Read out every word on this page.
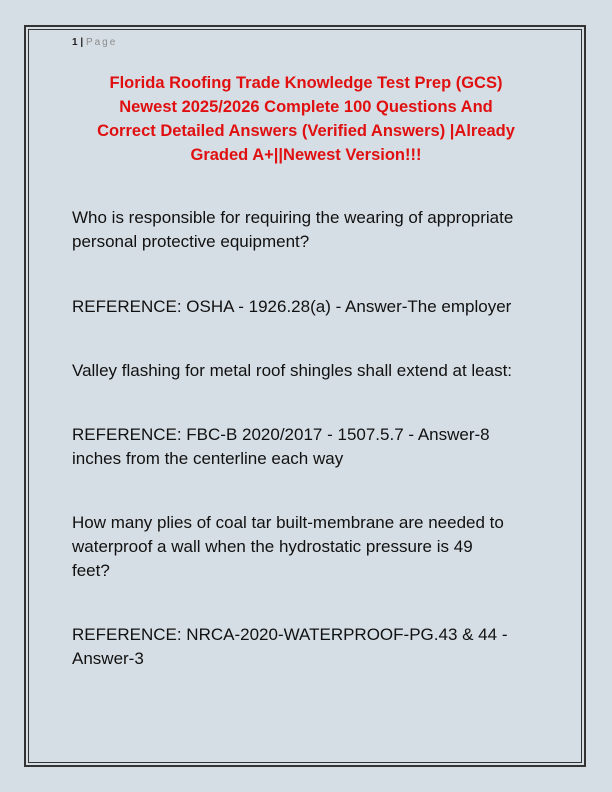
1 | Page
Florida Roofing Trade Knowledge Test Prep (GCS)
Newest 2025/2026 Complete 100 Questions And
Correct Detailed Answers (Verified Answers) |Already
Graded A+||Newest Version!!!

Who is responsible for requiring the wearing of appropriate
personal protective equipment?

REFERENCE: OSHA - 1926.28(a) - Answer-The employer

Valley flashing for metal roof shingles shall extend at least:

REFERENCE: FBC-B 2020/2017 - 1507.5.7 - Answer-8
inches from the centerline each way

How many plies of coal tar built-membrane are needed to
waterproof a wall when the hydrostatic pressure is 49
feet?

REFERENCE: NRCA-2020-WATERPROOF-PG.43 & 44 -
Answer-3
